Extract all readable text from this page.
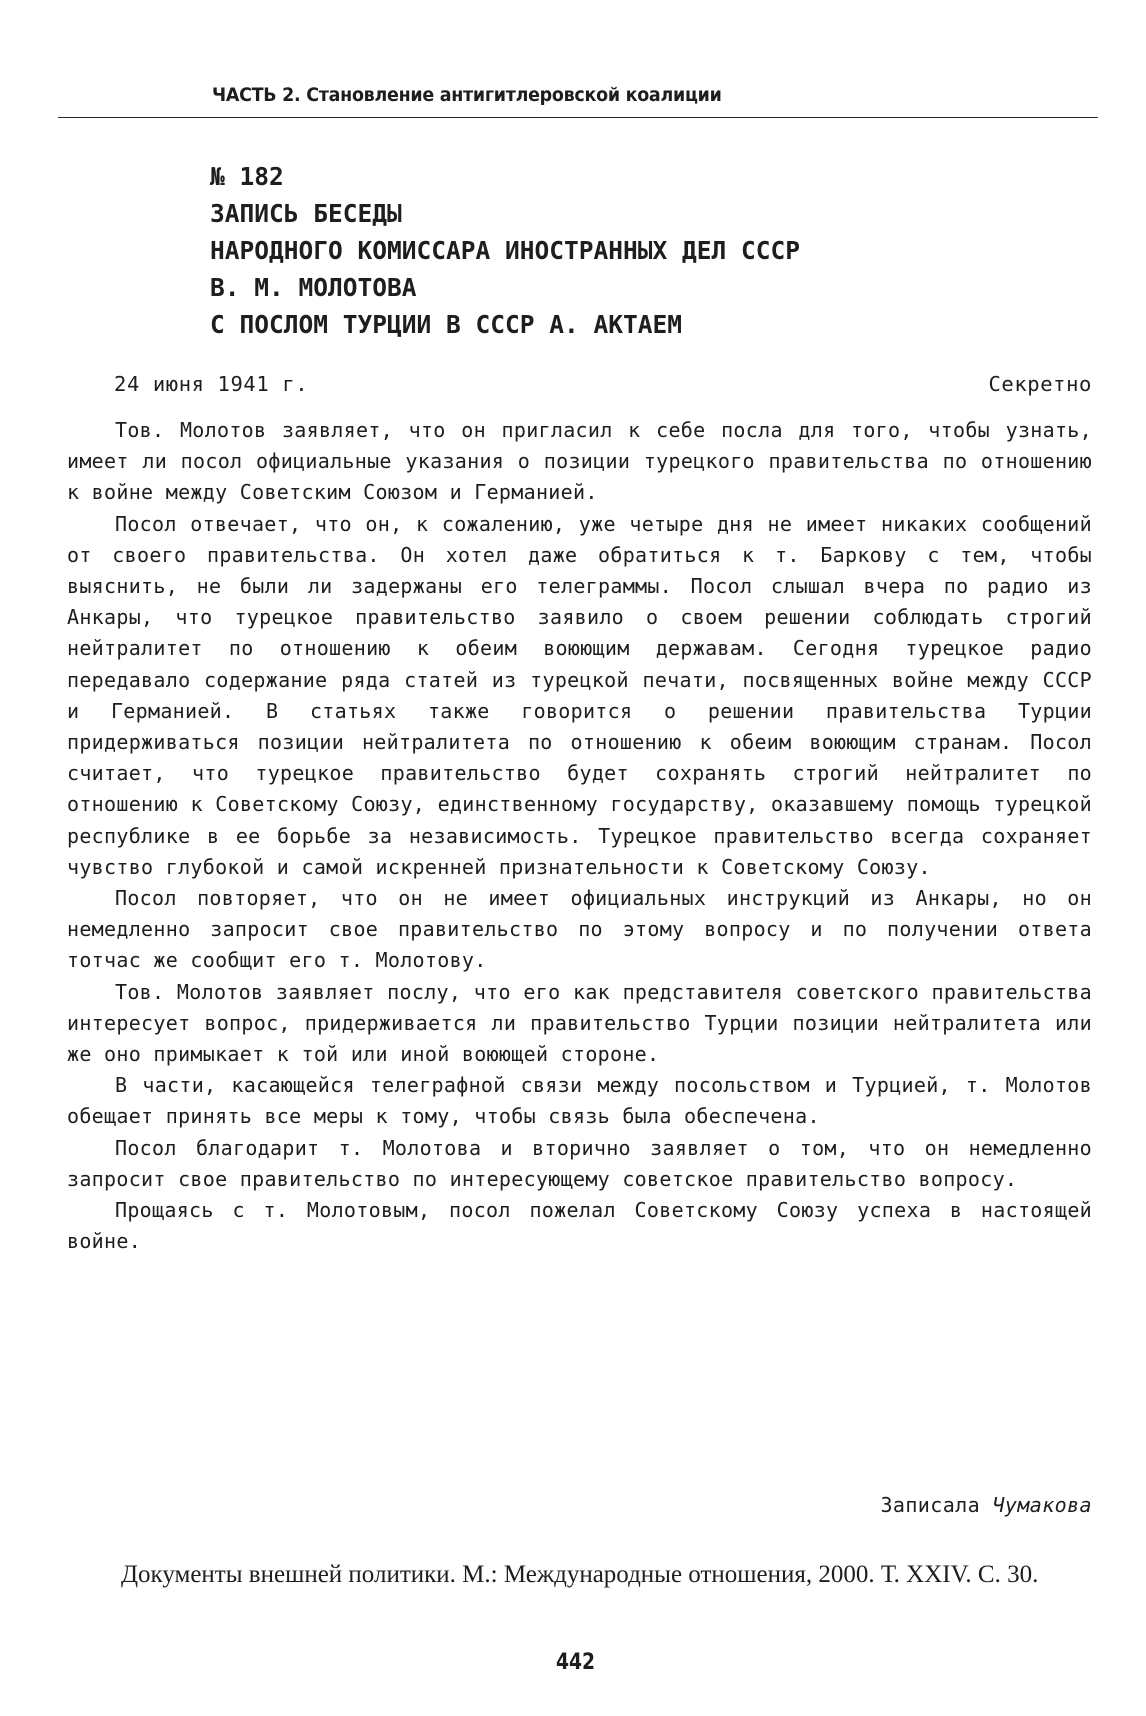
ЧАСТЬ 2. Становление антигитлеровской коалиции
№ 182
ЗАПИСЬ БЕСЕДЫ
НАРОДНОГО КОМИССАРА ИНОСТРАННЫХ ДЕЛ СССР
В. М. МОЛОТОВА
С ПОСЛОМ ТУРЦИИ В СССР А. АКТАЕМ
24 июня 1941 г.	Секретно

Тов. Молотов заявляет, что он пригласил к себе посла для того, чтобы узнать, имеет ли посол официальные указания о позиции турецкого правительства по отношению к войне между Советским Союзом и Германией.

Посол отвечает, что он, к сожалению, уже четыре дня не имеет никаких сообщений от своего правительства. Он хотел даже обратиться к т. Баркову с тем, чтобы выяснить, не были ли задержаны его телеграммы. Посол слышал вчера по радио из Анкары, что турецкое правительство заявило о своем решении соблюдать строгий нейтралитет по отношению к обеим воюющим державам. Сегодня турецкое радио передавало содержание ряда статей из турецкой печати, посвященных войне между СССР и Германией. В статьях также говорится о решении правительства Турции придерживаться позиции нейтралитета по отношению к обеим воюющим странам. Посол считает, что турецкое правительство будет сохранять строгий нейтралитет по отношению к Советскому Союзу, единственному государству, оказавшему помощь турецкой республике в ее борьбе за независимость. Турецкое правительство всегда сохраняет чувство глубокой и самой искренней признательности к Советскому Союзу.

Посол повторяет, что он не имеет официальных инструкций из Анкары, но он немедленно запросит свое правительство по этому вопросу и по получении ответа тотчас же сообщит его т. Молотову.

Тов. Молотов заявляет послу, что его как представителя советского правительства интересует вопрос, придерживается ли правительство Турции позиции нейтралитета или же оно примыкает к той или иной воюющей стороне.

В части, касающейся телеграфной связи между посольством и Турцией, т. Молотов обещает принять все меры к тому, чтобы связь была обеспечена.

Посол благодарит т. Молотова и вторично заявляет о том, что он немедленно запросит свое правительство по интересующему советское правительство вопросу.

Прощаясь с т. Молотовым, посол пожелал Советскому Союзу успеха в настоящей войне.

Записала Чумакова
Документы внешней политики. М.: Международные отношения, 2000. Т. XXIV. С. 30.
442
